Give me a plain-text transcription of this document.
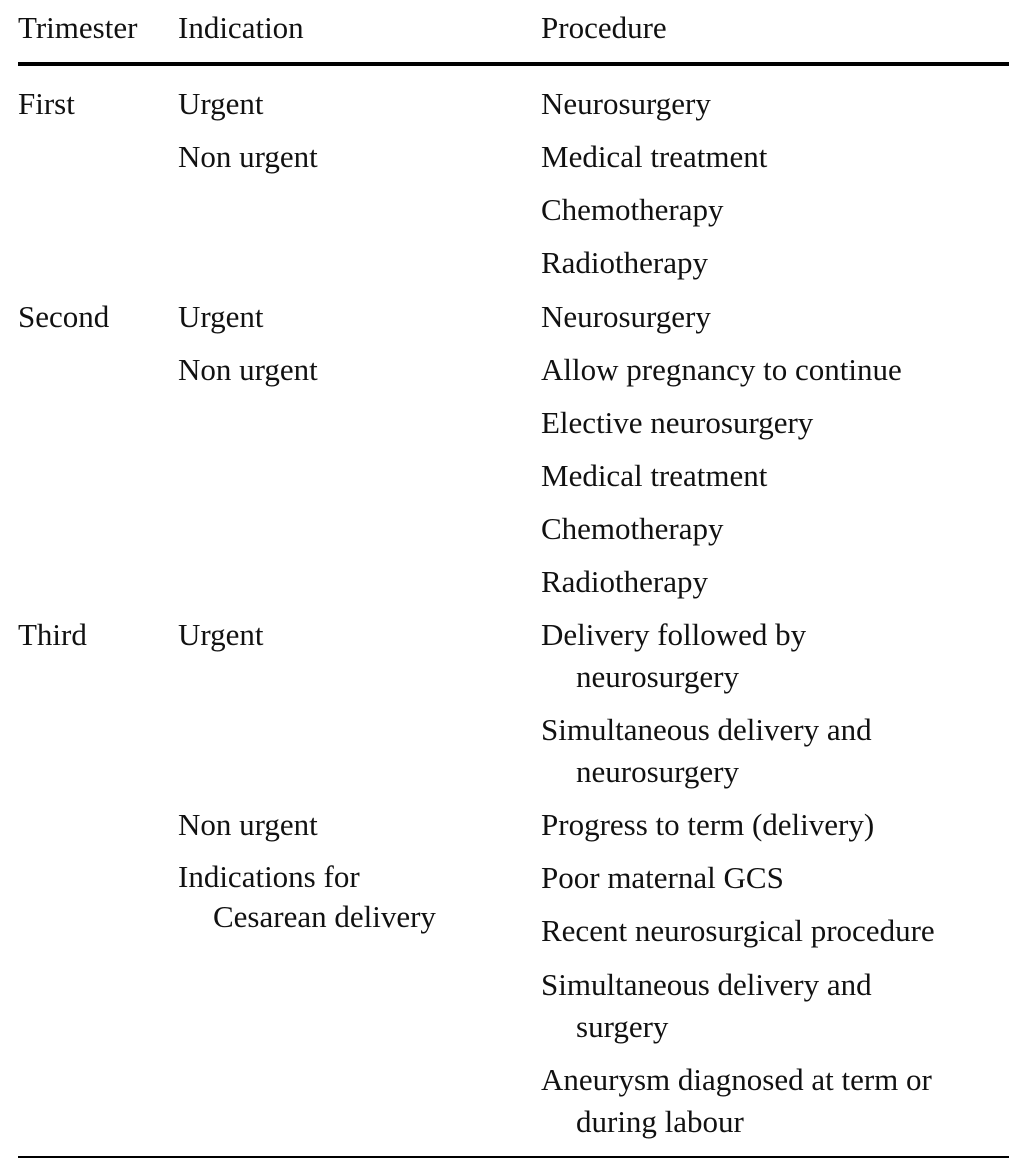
Trimester Indication	Procedure
First
Second
Third
Urgent
Non urgent
Urgent
Non urgent
Urgent
Non urgent
Indications for
Cesarean delivery
Neurosurgery
Medical treatment
Chemotherapy
Radiotherapy
Neurosurgery
Allow pregnancy to continue
Elective neurosurgery
Medical treatment
Chemotherapy
Radiotherapy
Delivery followed by
neurosurgery
Simultaneous delivery and
neurosurgery
Progress to term (delivery)
Poor maternal GCS
Recent neurosurgical procedure
Simultaneous delivery and
surgery
Aneurysm diagnosed at term or
during labour
